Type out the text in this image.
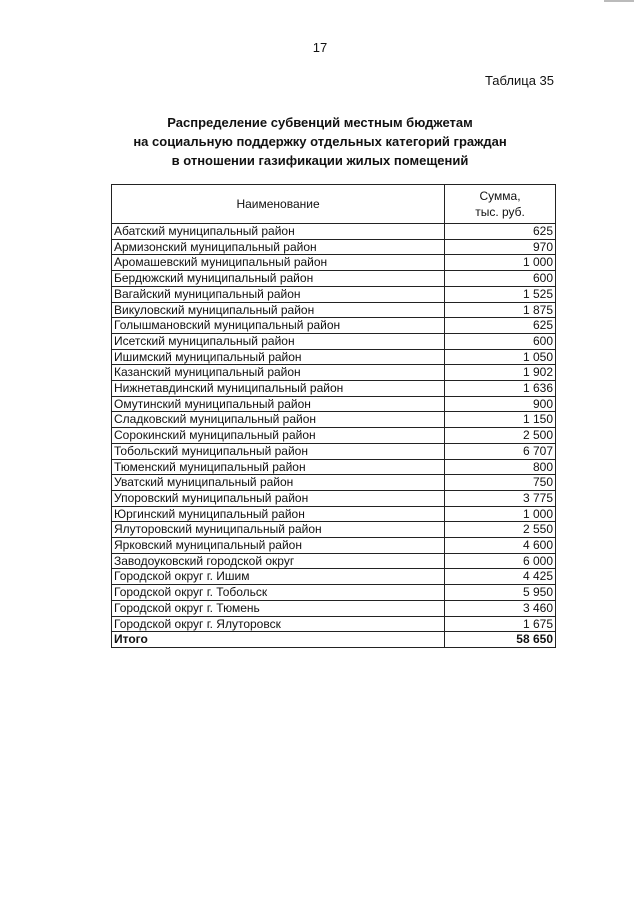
17
Таблица 35
Распределение субвенций местным бюджетам
на социальную поддержку отдельных категорий граждан
в отношении газификации жилых помещений
Наименование	Сумма,
тыс. руб.

Абатский муниципальный район	625
Армизонский муниципальный район	970
Аромашевский муниципальный район	1 000
Бердюжский муниципальный район	600
Вагайский муниципальный район	1 525
Викуловский муниципальный район	1 875
Голышмановский муниципальный район	625
Исетский муниципальный район	600
Ишимский муниципальный район	1 050
Казанский муниципальный район	1 902
Нижнетавдинский муниципальный район	1 636
Омутинский муниципальный район	900
Сладковский муниципальный район	1 150
Сорокинский муниципальный район	2 500
Тобольский муниципальный район	6 707
Тюменский муниципальный район	800
Уватский муниципальный район	750
Упоровский муниципальный район	3 775
Юргинский муниципальный район	1 000
Ялуторовский муниципальный район	2 550
Ярковский муниципальный район	4 600
Заводоуковский городской округ	6 000
Городской округ г. Ишим	4 425
Городской округ г. Тобольск	5 950
Городской округ г. Тюмень	3 460
Городской округ г. Ялуторовск	1 675
Итого	58 650
